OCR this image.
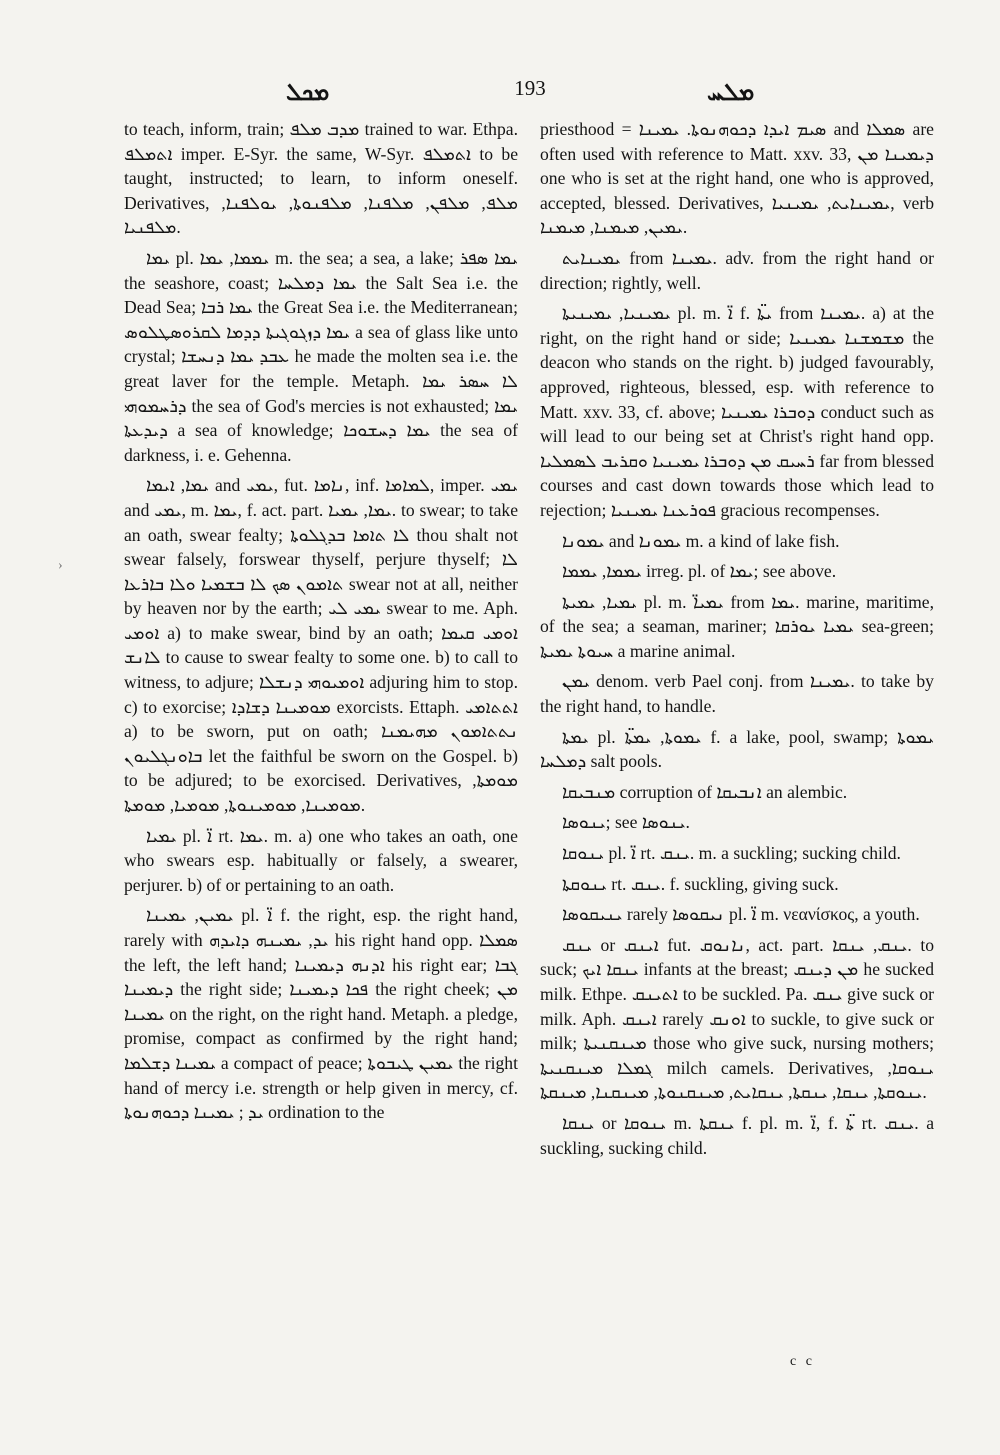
ܡܟܠ	193	ܡܠܚ
›

to teach, inform, train; ܡܕܒ ܡܠܦ trained to war. Ethpa. ܐܬܡܠܦ imper. E-Syr. the same, W-Syr. ܐܬܡܠܦ to be taught, instructed; to learn, to inform oneself. Derivatives, ܡܠܦ, ܡܠܦܢ, ܡܠܦܢܐ, ܡܠܦܢܘܬܐ, ܝܘܠܦܢܐ, ܡܠܦܢܝܐ.

ܝܡܐ pl. ܝܡܡܐ, ܝܡܐ m. the sea; a sea, a lake; ܝܡܐ ܣܦܪ the seashore, coast; ܝܡܐ ܕܡܠܚܐ the Salt Sea i.e. the Dead Sea; ܝܡܐ ܪܒܐ the Great Sea i.e. the Mediterranean; ܝܡܐ ܕܙܓܘܓܝܬܐ ܕܕܡܐ ܠܩܪܘܣܛܠܘܣ a sea of glass like unto crystal; ܥܒܕ ܝܡܐ ܕܢܚܫܐ he made the molten sea i.e. the great laver for the temple. Metaph. ܠܐ ܚܣܪ ܝܡܐ ܕܪܚܡܘܗܝ the sea of God's mercies is not exhausted; ܝܡܐ ܕܝܕܥܬܐ a sea of knowledge; ܝܡܐ ܕܚܫܘܟܐ the sea of darkness, i. e. Gehenna.

ܝܡܐ, ܐܝܡܐ and ܝܡܝ, fut. ܢܐܡܐ, inf. ܠܡܐܡܐ, imper. ܝܡܝ and ܝܡܝ, m. ܝܡܐ, f. act. part. ܝܡܐ, ܝܡܝܐ. to swear; to take an oath, swear fealty; ܠܐ ܬܐܡܐ ܒܕܓܠܘܬܐ thou shalt not swear falsely, forswear thyself, perjure thyself; ܠܐ ܬܐܡܘܢ ܣܟ ܠܐ ܒܫܡܝܐ ܘܠܐ ܒܐܪܥܐ swear not at all, neither by heaven nor by the earth; ܝܡܝ ܠܝ swear to me. Aph. ܐܘܡܝ a) to make swear, bind by an oath; ܐܘܡܝ ܩܝܡܐ ܠܐܢܫ to cause to swear fealty to some one. b) to call to witness, to adjure; ܐܘܡܝܘܗܝ ܕܢܫܠܐ adjuring him to stop. c) to exorcise; ܡܘܡܝܢܐ ܕܫܐܕܐ exorcists. Ettaph. ܐܬܬܐܡܝ a) to be sworn, put on oath; ܢܬܬܐܡܘܢ ܡܗܝܡܢܐ ܒܐܘܢܓܠܝܘܢ let the faithful be sworn on the Gospel. b) to be adjured; to be exorcised. Derivatives, ܡܘܡܬܐ, ܡܘܡܝܢܐ, ܡܘܡܝܢܘܬܐ, ܡܘܡܝܐ, ܡܘܡܬܐ.

ܝܡܝܐ pl. ܐ̈ rt. ܝܡܐ. m. a) one who takes an oath, one who swears esp. habitually or falsely, a swearer, perjurer. b) of or pertaining to an oath.

ܝܡܝܢ, ܝܡܝܢܐ pl. ܐ̈ f. the right, esp. the right hand, rarely with ܝܕ, ܝܡܝܢܗ ܕܐܝܕܗ his right hand opp. ܣܡܠܐ the left, the left hand; ܐܕܢܗ ܕܝܡܝܢܐ his right ear; ܓܒܐ ܕܝܡܝܢܐ the right side; ܦܟܐ ܕܝܡܝܢܐ the right cheek; ܡܢ ܝܡܝܢܐ on the right, on the right hand. Metaph. a pledge, promise, compact as confirmed by the right hand; ܝܡܝܢܐ ܕܫܠܡܐ a compact of peace; ܝܡܝܢ ܛܝܒܘܬܐ the right hand of mercy i.e. strength or help given in mercy, cf. ܝܕ ; ܝܡܝܢܐ ܕܟܘܗܢܘܬܐ ordination to the

priesthood = ܣܝܡ ܐܝܕܐ ܕܟܘܗܢܘܬܐ. ܝܡܝܢܐ and ܣܡܠܐ are often used with reference to Matt. xxv. 33, ܕܝܡܝܢܐ ܡܢ one who is set at the right hand, one who is approved, accepted, blessed. Derivatives, ܝܡܝܢܐܝܬ, ܝܡܝܢܝܐ, verb ܝܡܝܢ, ܡܝܡܢܐ, ܡܝܡܢܐ.

ܝܡܝܢܐܝܬ from ܝܡܝܢܐ. adv. from the right hand or direction; rightly, well.

ܝܡܝܢܝܐ, ܝܡܝܢܝܬܐ pl. m. ܐ̈ f. ܝܬܐ̈ from ܝܡܝܢܐ. a) at the right, on the right hand or side; ܡܫܡܫܢܐ ܝܡܝܢܝܐ the deacon who stands on the right. b) judged favourably, approved, righteous, blessed, esp. with reference to Matt. xxv. 33, cf. above; ܕܘܒܪܐ ܝܡܝܢܝܐ conduct such as will lead to our being set at Christ's right hand opp. ܪܚܝܩ ܡܢ ܕܘܒܪܐ ܝܡܝܢܝܐ ܘܩܪܝܒ ܠܣܡܠܝܐ far from blessed courses and cast down towards those which lead to rejection; ܦܘܪܥܢܐ ܝܡܝܢܝܐ gracious recompenses.

ܝܡܘܢܐ and ܝܡܘܢܐ m. a kind of lake fish.

ܝܡܡܐ, ܝܡܡܐ irreg. pl. of ܝܡܐ; see above.

ܝܡܝܐ, ܝܡܝܬܐ pl. m. ܝܡܝܐ̈ from ܝܡܐ. marine, maritime, of the sea; a seaman, mariner; ܝܡܝܐ ܝܘܪܩܐ sea-green; ܚܝܘܬܐ ܝܡܝܬܐ a marine animal.

ܝܡܢ denom. verb Pael conj. from ܝܡܝܢܐ. to take by the right hand, to handle.

ܝܡܬܐ pl. ܝܡܘܬܐ, ܝܡܬܐ̈ f. a lake, pool, swamp; ܝܡܘܬܐ ܕܡܠܚܐ salt pools.

ܡܢܒܝܩܐ corruption of ܐܢܒܝܩܐ an alembic.

ܝܢܘܣܐ; see ܝܢܘܣܐ.

ܝܢܘܩܐ pl. ܐ̈ rt. ܝܢܩ. m. a suckling; sucking child.

ܝܢܘܩܬܐ rt. ܝܢܩ. f. suckling, giving suck.

ܝܢܝܩܘܣܐ rarely ܢܝܩܘܣܐ pl. ܐ̈ m. νεανίσκος, a youth.

ܝܢܩ or ܐܝܢܩ fut. ܢܐܢܘܩ, act. part. ܝܢܩ, ܝܢܩܐ. to suck; ܝܢܩܐ ܐܝܟ infants at the breast; ܡܢ ܕܝܢܩ he sucked milk. Ethpe. ܐܬܝܢܩ to be suckled. Pa. ܝܢܩ give suck or milk. Aph. ܐܝܢܩ rarely ܐܘܢܩ to suckle, to give suck or milk; ܡܝܢܩܢܝܬܐ those who give suck, nursing mothers; ܓܡܠܐ ܡܝܢܩܢܝܬܐ milch camels. Derivatives, ܝܢܘܩܐ, ܝܢܘܩܬܐ, ܝܢܩܐ, ܝܢܩܬܐ, ܝܢܩܐܝܬ, ܡܝܢܩܢܘܬܐ, ܡܝܢܩܢܐ, ܡܝܢܩܬܐ.

ܝܢܩܐ or ܝܢܘܩܐ m. ܝܢܩܬܐ f. pl. m. ܐ̈, f. ܬܐ̈ rt. ܝܢܩ. a suckling, sucking child.

c c
